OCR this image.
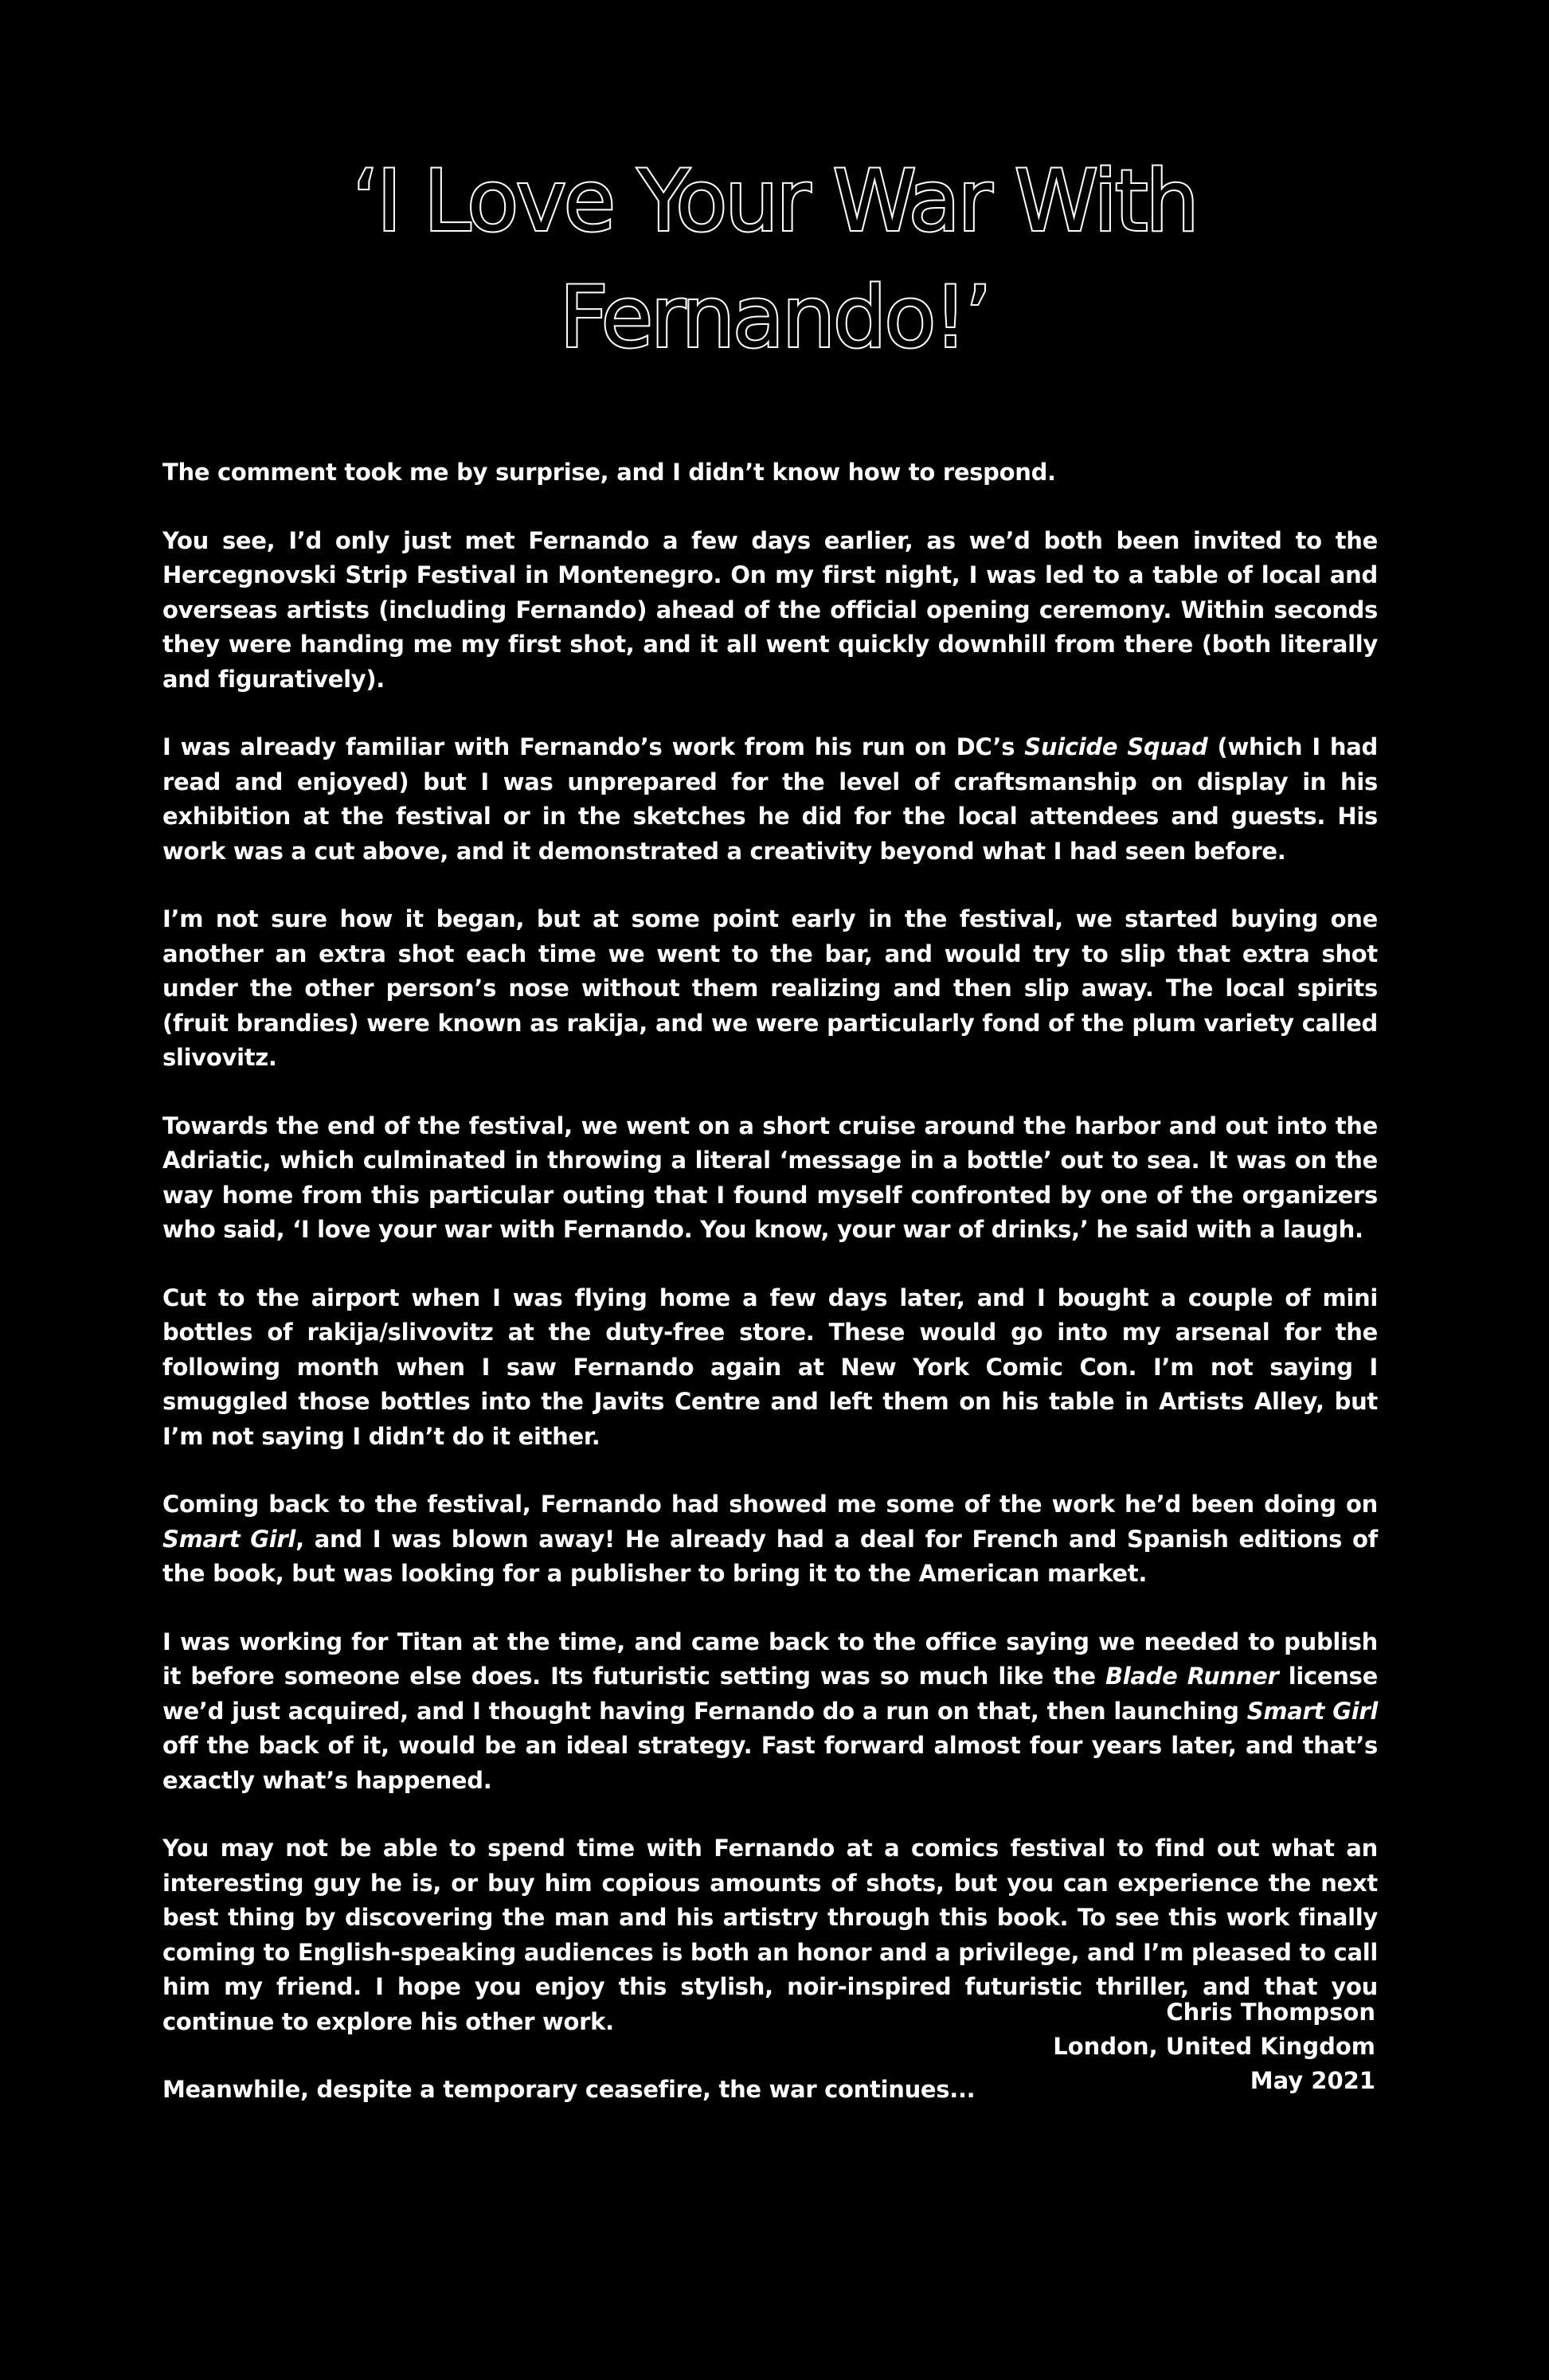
‘I Love Your War With
Fernando!’

The comment took me by surprise, and I didn’t know how to respond.

You see, I’d only just met Fernando a few days earlier, as we’d both been invited to the Hercegnovski Strip Festival in Montenegro. On my first night, I was led to a table of local and overseas artists (including Fernando) ahead of the official opening ceremony. Within seconds they were handing me my first shot, and it all went quickly downhill from there (both literally and figuratively).

I was already familiar with Fernando’s work from his run on DC’s Suicide Squad (which I had read and enjoyed) but I was unprepared for the level of craftsmanship on display in his exhibition at the festival or in the sketches he did for the local attendees and guests. His work was a cut above, and it demonstrated a creativity beyond what I had seen before.

I’m not sure how it began, but at some point early in the festival, we started buying one another an extra shot each time we went to the bar, and would try to slip that extra shot under the other person’s nose without them realizing and then slip away. The local spirits (fruit brandies) were known as rakija, and we were particularly fond of the plum variety called slivovitz.

Towards the end of the festival, we went on a short cruise around the harbor and out into the Adriatic, which culminated in throwing a literal ‘message in a bottle’ out to sea. It was on the way home from this particular outing that I found myself confronted by one of the organizers who said, ‘I love your war with Fernando. You know, your war of drinks,’ he said with a laugh.

Cut to the airport when I was flying home a few days later, and I bought a couple of mini bottles of rakija/slivovitz at the duty-free store. These would go into my arsenal for the following month when I saw Fernando again at New York Comic Con. I’m not saying I smuggled those bottles into the Javits Centre and left them on his table in Artists Alley, but I’m not saying I didn’t do it either.

Coming back to the festival, Fernando had showed me some of the work he’d been doing on Smart Girl, and I was blown away! He already had a deal for French and Spanish editions of the book, but was looking for a publisher to bring it to the American market.

I was working for Titan at the time, and came back to the office saying we needed to publish it before someone else does. Its futuristic setting was so much like the Blade Runner license we’d just acquired, and I thought having Fernando do a run on that, then launching Smart Girl off the back of it, would be an ideal strategy. Fast forward almost four years later, and that’s exactly what’s happened.

You may not be able to spend time with Fernando at a comics festival to find out what an interesting guy he is, or buy him copious amounts of shots, but you can experience the next best thing by discovering the man and his artistry through this book. To see this work finally coming to English-speaking audiences is both an honor and a privilege, and I’m pleased to call him my friend. I hope you enjoy this stylish, noir-inspired futuristic thriller, and that you continue to explore his other work.

Meanwhile, despite a temporary ceasefire, the war continues...

Chris Thompson
London, United Kingdom
May 2021
